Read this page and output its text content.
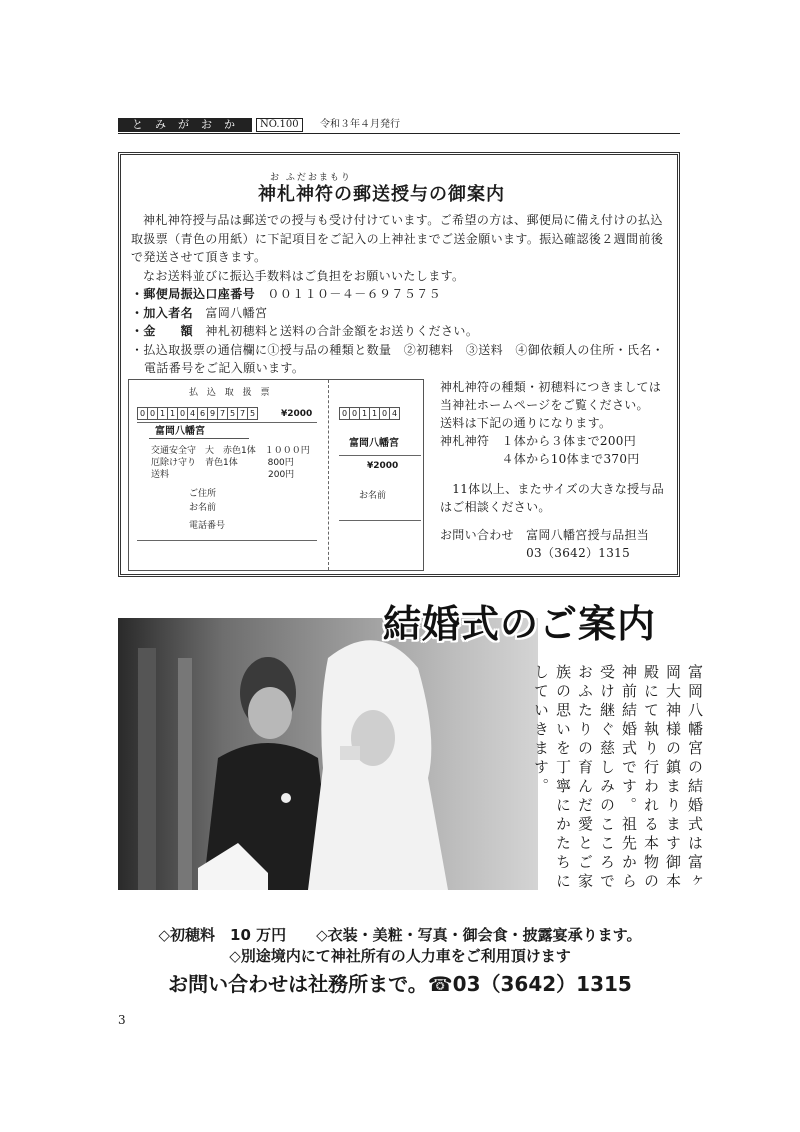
とみがおか	NO.100	令和３年４月発行
お ふだおまもり
神札神符の郵送授与の御案内

神札神符授与品は郵送での授与も受け付けています。ご希望の方は、郵便局に備え付けの払込取扱票（青色の用紙）に下記項目をご記入の上神社までご送金願います。振込確認後２週間前後で発送させて頂きます。

なお送料並びに振込手数料はご負担をお願いいたします。

・郵便局振込口座番号　 ００１１０－４－６９７５７５

・加入者名　 富岡八幡宮

・金　　額　 神札初穂料と送料の合計金額をお送りください。

・払込取扱票の通信欄に①授与品の種類と数量　②初穂料　③送料　④御依頼人の住所・氏名・電話番号をご記入願います。

払 込 取 扱 票
0 0 1 1 0 4 6 9 7 5 7 5	¥2000
富岡八幡宮
交通安全守　大　赤色1体　１０００円
厄除け守り　青色1体　　　 800円
送料　　　　　　　　　　　200円
ご住所
お名前
電話番号
0 0 1 1 0 4
富岡八幡宮
¥2000
お名前

神札神符の種類・初穂料につきましては

当神社ホームページをご覧ください。

送料は下記の通りになります。

神札神符　１体から３体まで200円

　　　　　４体から10体まで370円

　11体以上、またサイズの大きな授与品

はご相談ください。

お問い合わせ　富岡八幡宮授与品担当

　　　　　　　03（3642）1315

結婚式のご案内
富岡八幡宮の結婚式は富ヶ岡大神様の鎮まります御本殿にて執り行われる本物の神前結婚式です。祖先から受け継ぐ慈しみのこころでおふたりの育んだ愛とご家族の思いを丁寧にかたちにしていきます。
◇初穂料　10 万円　　◇衣装・美粧・写真・御会食・披露宴承ります。
◇別途境内にて神社所有の人力車をご利用頂けます
お問い合わせは社務所まで。☎03（3642）1315
3
